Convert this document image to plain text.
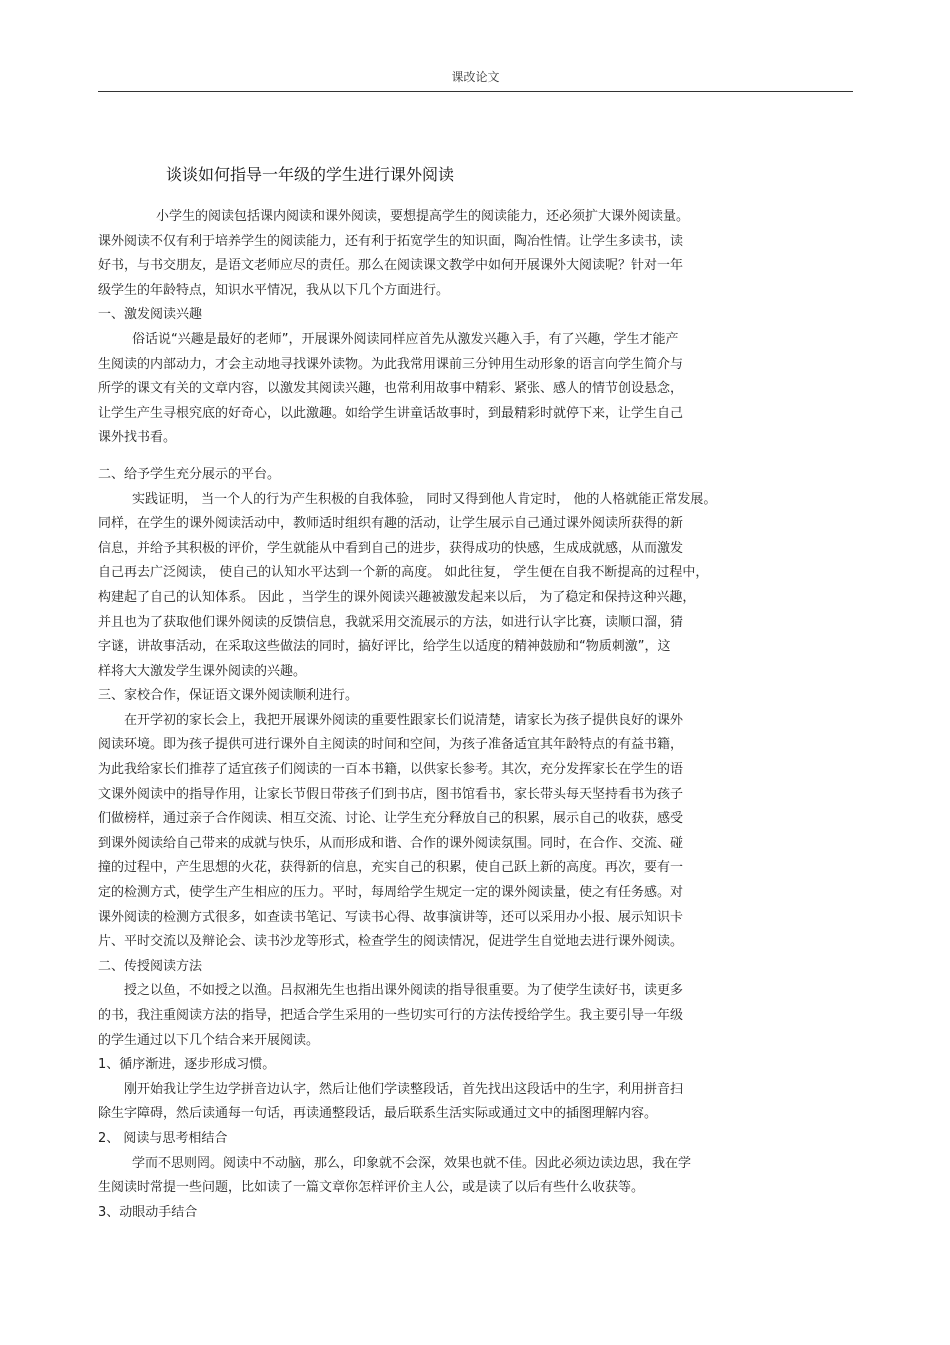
课改论文
谈谈如何指导一年级的学生进行课外阅读
小学生的阅读包括课内阅读和课外阅读，要想提高学生的阅读能力，还必须扩大课外阅读量。
课外阅读不仅有利于培养学生的阅读能力，还有利于拓宽学生的知识面，陶冶性情。让学生多读书，读
好书，与书交朋友，是语文老师应尽的责任。那么在阅读课文教学中如何开展课外大阅读呢？针对一年
级学生的年龄特点，知识水平情况，我从以下几个方面进行。
一、激发阅读兴趣
俗话说“兴趣是最好的老师”，开展课外阅读同样应首先从激发兴趣入手，有了兴趣，学生才能产
生阅读的内部动力，才会主动地寻找课外读物。为此我常用课前三分钟用生动形象的语言向学生简介与
所学的课文有关的文章内容，以激发其阅读兴趣，也常利用故事中精彩、紧张、感人的情节创设悬念，
让学生产生寻根究底的好奇心，以此激趣。如给学生讲童话故事时，到最精彩时就停下来，让学生自己
课外找书看。
二、给予学生充分展示的平台。
实践证明， 当一个人的行为产生积极的自我体验， 同时又得到他人肯定时， 他的人格就能正常发展。
同样，在学生的课外阅读活动中，教师适时组织有趣的活动，让学生展示自己通过课外阅读所获得的新
信息，并给予其积极的评价，学生就能从中看到自己的进步，获得成功的快感，生成成就感，从而激发
自己再去广泛阅读， 使自己的认知水平达到一个新的高度。 如此往复， 学生便在自我不断提高的过程中，
构建起了自己的认知体系。 因此 ，当学生的课外阅读兴趣被激发起来以后， 为了稳定和保持这种兴趣，
并且也为了获取他们课外阅读的反馈信息，我就采用交流展示的方法，如进行认字比赛，读顺口溜，猜
字谜，讲故事活动，在采取这些做法的同时，搞好评比，给学生以适度的精神鼓励和“物质刺激”，这
样将大大激发学生课外阅读的兴趣。
三、家校合作，保证语文课外阅读顺利进行。
在开学初的家长会上，我把开展课外阅读的重要性跟家长们说清楚，请家长为孩子提供良好的课外
阅读环境。即为孩子提供可进行课外自主阅读的时间和空间，为孩子准备适宜其年龄特点的有益书籍，
为此我给家长们推荐了适宜孩子们阅读的一百本书籍，以供家长参考。其次，充分发挥家长在学生的语
文课外阅读中的指导作用，让家长节假日带孩子们到书店，图书馆看书，家长带头每天坚持看书为孩子
们做榜样，通过亲子合作阅读、相互交流、讨论、让学生充分释放自己的积累，展示自己的收获，感受
到课外阅读给自己带来的成就与快乐，从而形成和谐、合作的课外阅读氛围。同时，在合作、交流、碰
撞的过程中，产生思想的火花，获得新的信息，充实自己的积累，使自己跃上新的高度。再次，要有一
定的检测方式，使学生产生相应的压力。平时，每周给学生规定一定的课外阅读量，使之有任务感。对
课外阅读的检测方式很多，如查读书笔记、写读书心得、故事演讲等，还可以采用办小报、展示知识卡
片、平时交流以及辩论会、读书沙龙等形式，检查学生的阅读情况，促进学生自觉地去进行课外阅读。
二、传授阅读方法
授之以鱼，不如授之以渔。吕叔湘先生也指出课外阅读的指导很重要。为了使学生读好书，读更多
的书，我注重阅读方法的指导，把适合学生采用的一些切实可行的方法传授给学生。我主要引导一年级
的学生通过以下几个结合来开展阅读。
1、循序渐进，逐步形成习惯。
刚开始我让学生边学拼音边认字，然后让他们学读整段话，首先找出这段话中的生字，利用拼音扫
除生字障碍，然后读通每一句话，再读通整段话，最后联系生活实际或通过文中的插图理解内容。
2、 阅读与思考相结合
学而不思则罔。阅读中不动脑，那么，印象就不会深，效果也就不佳。因此必须边读边思，我在学
生阅读时常提一些问题，比如读了一篇文章你怎样评价主人公，或是读了以后有些什么收获等。
3、动眼动手结合
